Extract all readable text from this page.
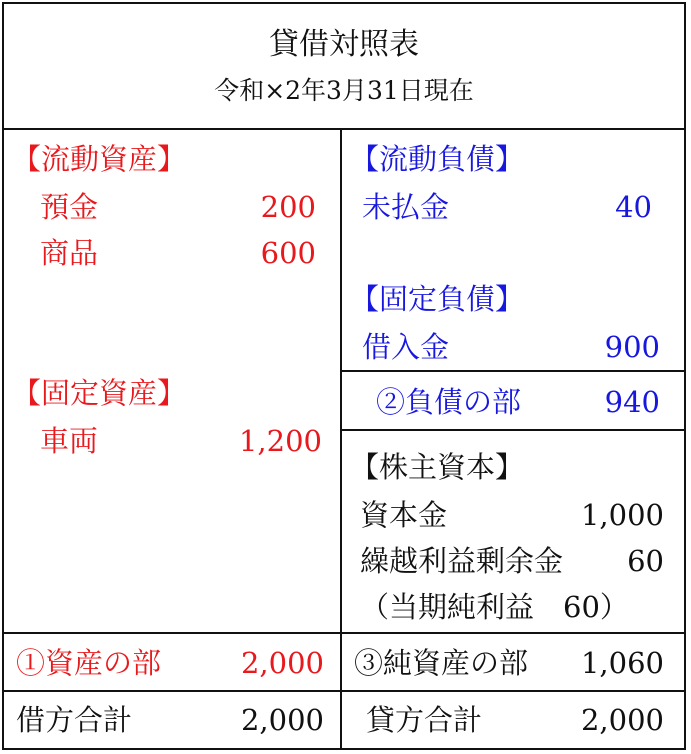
貸借対照表
令和×2年3月31日現在
【流動資産】
預金	200
商品	600
【固定資産】
車両	1,200
①資産の部	2,000
【流動負債】
未払金	40
【固定負債】
借入金	900
②負債の部	940
【株主資本】
資本金	1,000
繰越利益剰余金	60
（当期純利益　60）
③純資産の部	1,060
借方合計	2,000 貸方合計	2,000
